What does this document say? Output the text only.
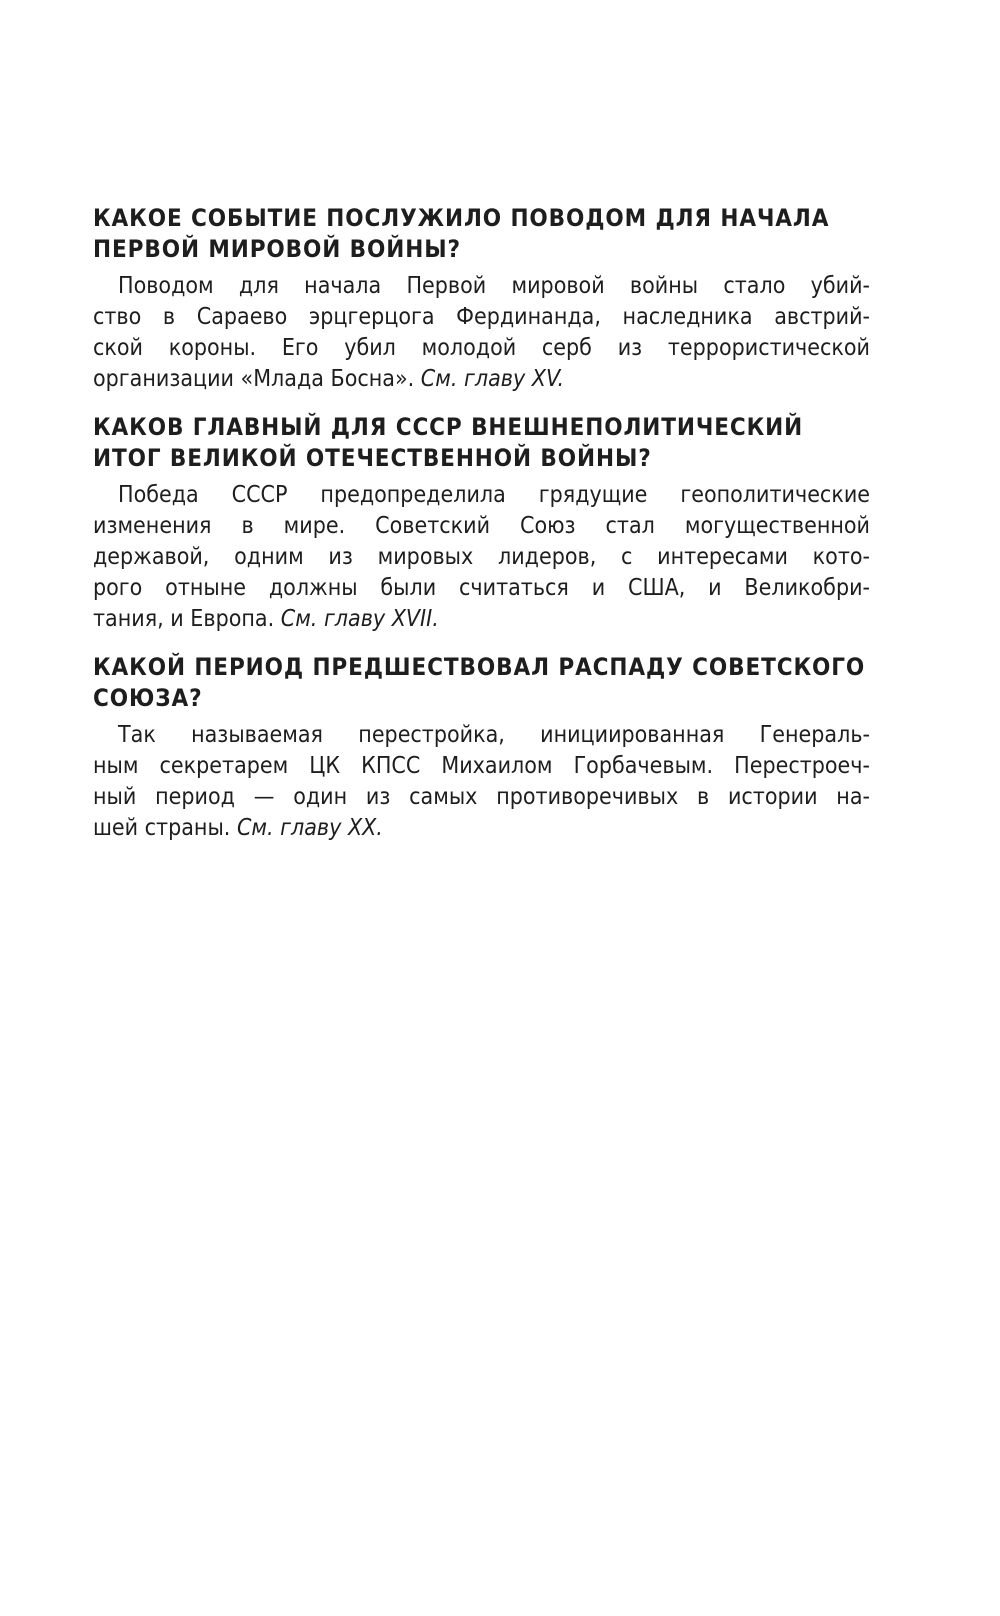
КАКОЕ СОБЫТИЕ ПОСЛУЖИЛО ПОВОДОМ ДЛЯ НАЧАЛА
ПЕРВОЙ МИРОВОЙ ВОЙНЫ?

Поводом для начала Первой мировой войны стало убий-
ство в Сараево эрцгерцога Фердинанда, наследника австрий-
ской короны. Его убил молодой серб из террористической
организации «Млада Босна». См. главу XV.

КАКОВ ГЛАВНЫЙ ДЛЯ СССР ВНЕШНЕПОЛИТИЧЕСКИЙ
ИТОГ ВЕЛИКОЙ ОТЕЧЕСТВЕННОЙ ВОЙНЫ?

Победа СССР предопределила грядущие геополитические
изменения в мире. Советский Союз стал могущественной
державой, одним из мировых лидеров, с интересами кото-
рого отныне должны были считаться и США, и Великобри-
тания, и Европа. См. главу XVII.

КАКОЙ ПЕРИОД ПРЕДШЕСТВОВАЛ РАСПАДУ СОВЕТСКОГО
СОЮЗА?

Так называемая перестройка, инициированная Генераль-
ным секретарем ЦК КПСС Михаилом Горбачевым. Перестроеч-
ный период — один из самых противоречивых в истории на-
шей страны. См. главу XX.
